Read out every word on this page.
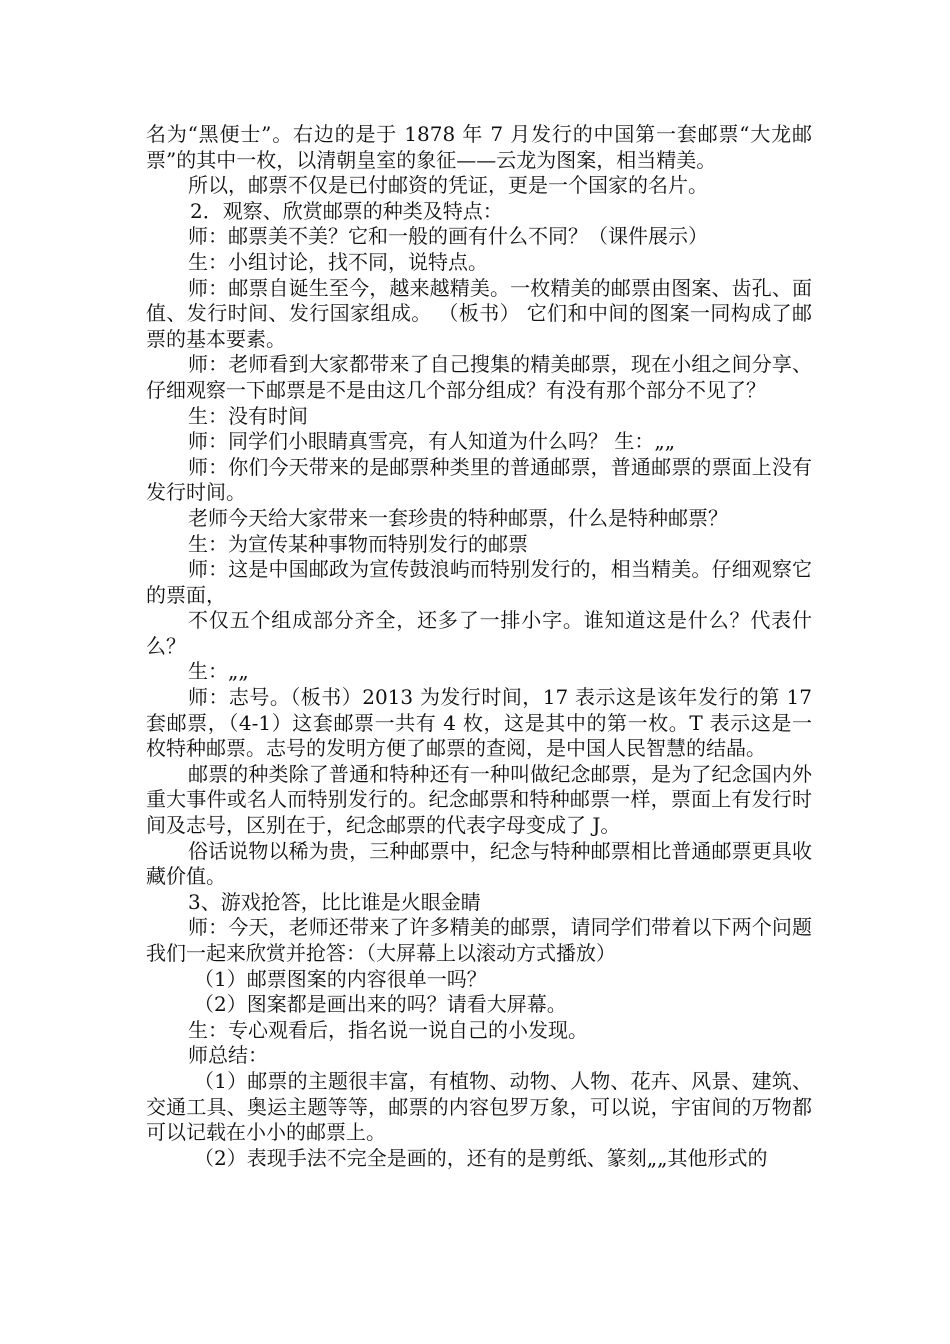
名为“黑便士”。右边的是于 1878 年 7 月发行的中国第一套邮票“大龙邮票”的其中一枚，以清朝皇室的象征——云龙为图案，相当精美。

所以，邮票不仅是已付邮资的凭证，更是一个国家的名片。

2．观察、欣赏邮票的种类及特点：

师：邮票美不美？它和一般的画有什么不同？（课件展示）

生：小组讨论，找不同，说特点。

师：邮票自诞生至今，越来越精美。一枚精美的邮票由图案、齿孔、面值、发行时间、发行国家组成。 （板书） 它们和中间的图案一同构成了邮票的基本要素。

师：老师看到大家都带来了自己搜集的精美邮票，现在小组之间分享、仔细观察一下邮票是不是由这几个部分组成？有没有那个部分不见了？

生：没有时间

师：同学们小眼睛真雪亮，有人知道为什么吗？ 生：„„

师：你们今天带来的是邮票种类里的普通邮票，普通邮票的票面上没有发行时间。

老师今天给大家带来一套珍贵的特种邮票，什么是特种邮票？

生：为宣传某种事物而特别发行的邮票

师：这是中国邮政为宣传鼓浪屿而特别发行的，相当精美。仔细观察它的票面，

不仅五个组成部分齐全，还多了一排小字。谁知道这是什么？代表什么？

生：„„

师：志号。（板书）2013 为发行时间，17 表示这是该年发行的第 17 套邮票，（4-1）这套邮票一共有 4 枚，这是其中的第一枚。T 表示这是一枚特种邮票。志号的发明方便了邮票的查阅，是中国人民智慧的结晶。

邮票的种类除了普通和特种还有一种叫做纪念邮票，是为了纪念国内外重大事件或名人而特别发行的。纪念邮票和特种邮票一样，票面上有发行时间及志号，区别在于，纪念邮票的代表字母变成了 J。

俗话说物以稀为贵，三种邮票中，纪念与特种邮票相比普通邮票更具收藏价值。

3、游戏抢答，比比谁是火眼金睛

师：今天，老师还带来了许多精美的邮票，请同学们带着以下两个问题我们一起来欣赏并抢答：（大屏幕上以滚动方式播放）

（1）邮票图案的内容很单一吗？

（2）图案都是画出来的吗？请看大屏幕。

生：专心观看后，指名说一说自己的小发现。

师总结：

（1）邮票的主题很丰富，有植物、动物、人物、花卉、风景、建筑、交通工具、奥运主题等等，邮票的内容包罗万象，可以说，宇宙间的万物都可以记载在小小的邮票上。

（2）表现手法不完全是画的，还有的是剪纸、篆刻„„其他形式的
